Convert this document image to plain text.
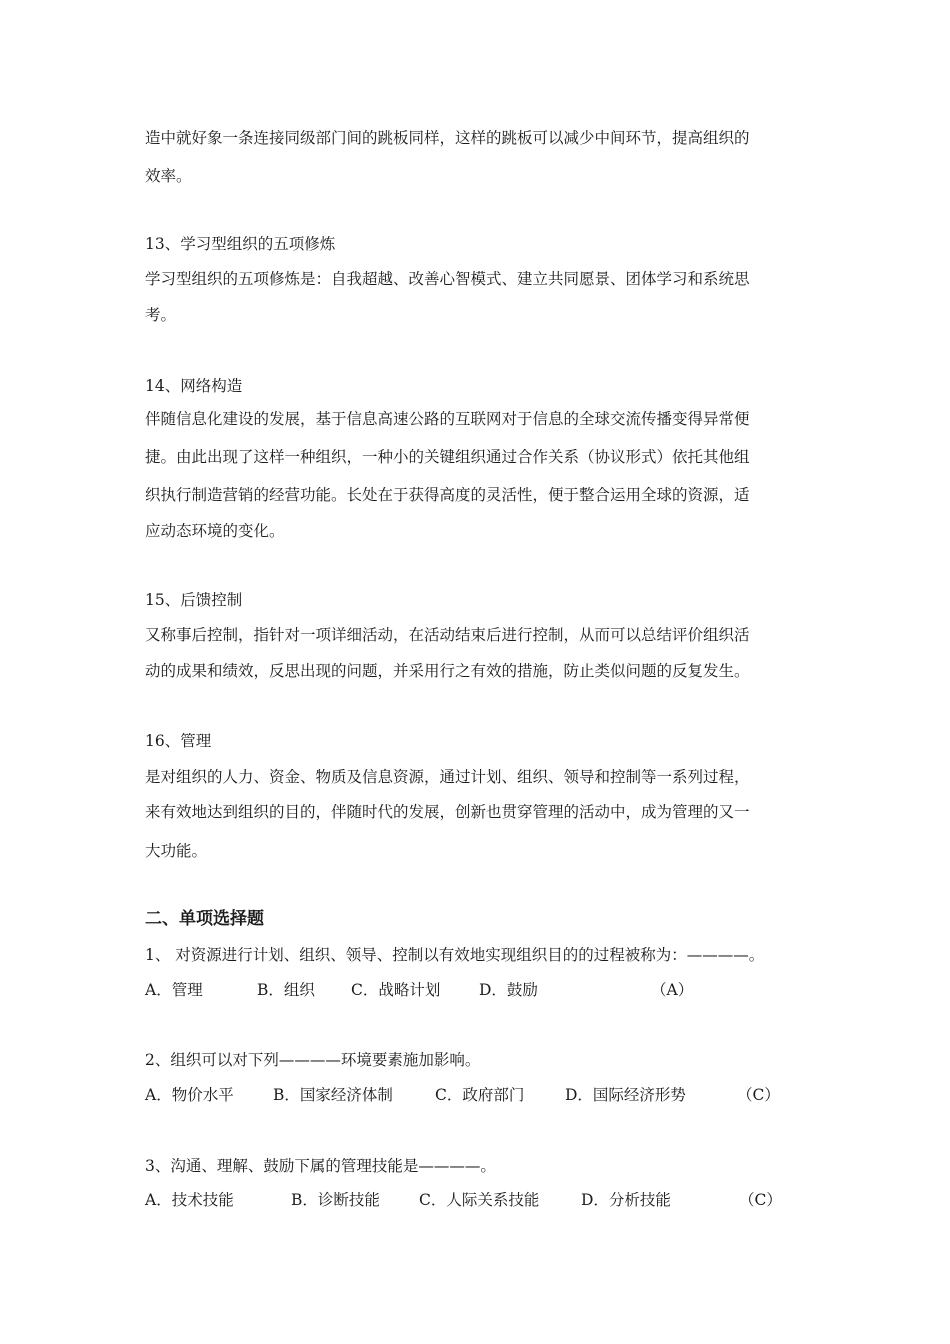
造中就好象一条连接同级部门间的跳板同样，这样的跳板可以减少中间环节，提高组织的
效率。
13、学习型组织的五项修炼
学习型组织的五项修炼是：自我超越、改善心智模式、建立共同愿景、团体学习和系统思
考。
14、网络构造
伴随信息化建设的发展，基于信息高速公路的互联网对于信息的全球交流传播变得异常便
捷。由此出现了这样一种组织，一种小的关键组织通过合作关系（协议形式）依托其他组
织执行制造营销的经营功能。长处在于获得高度的灵活性，便于整合运用全球的资源，适
应动态环境的变化。
15、后馈控制
又称事后控制，指针对一项详细活动，在活动结束后进行控制，从而可以总结评价组织活
动的成果和绩效，反思出现的问题，并采用行之有效的措施，防止类似问题的反复发生。
16、管理
是对组织的人力、资金、物质及信息资源，通过计划、组织、领导和控制等一系列过程，
来有效地达到组织的目的，伴随时代的发展，创新也贯穿管理的活动中，成为管理的又一
大功能。
二、单项选择题
1、 对资源进行计划、组织、领导、控制以有效地实现组织目的的过程被称为：————。
A．管理	B．组织 C．战略计划 D．鼓励	（A）
2、组织可以对下列————环境要素施加影响。
A．物价水平	B．国家经济体制	C．政府部门	D．国际经济形势	（C）
3、沟通、理解、鼓励下属的管理技能是————。
A．技术技能	B．诊断技能	C．人际关系技能	D．分析技能	（C）
